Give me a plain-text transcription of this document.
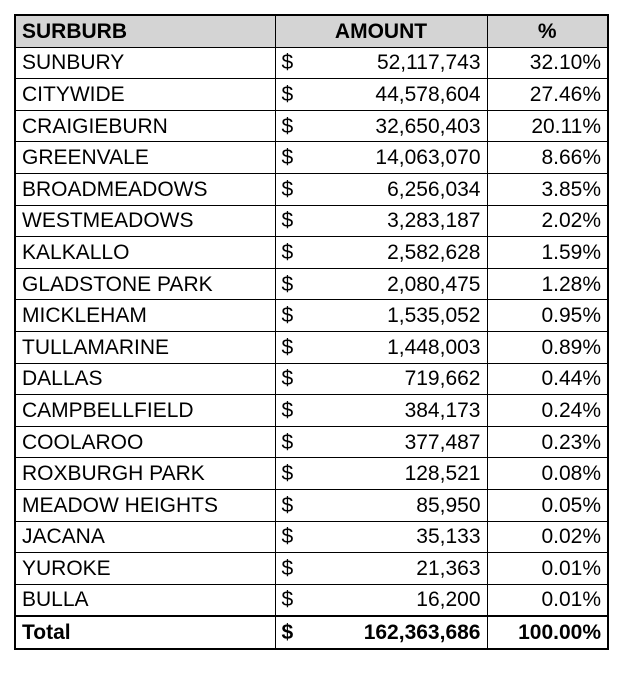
SURBURB	AMOUNT	%
SUNBURY	$ 52,117,743	32.10%
CITYWIDE	$ 44,578,604	27.46%
CRAIGIEBURN	$ 32,650,403	20.11%
GREENVALE	$ 14,063,070	8.66%
BROADMEADOWS	$ 6,256,034	3.85%
WESTMEADOWS	$ 3,283,187	2.02%
KALKALLO	$ 2,582,628	1.59%
GLADSTONE PARK	$ 2,080,475	1.28%
MICKLEHAM	$ 1,535,052	0.95%
TULLAMARINE	$ 1,448,003	0.89%
DALLAS	$ 719,662	0.44%
CAMPBELLFIELD	$ 384,173	0.24%
COOLAROO	$ 377,487	0.23%
ROXBURGH PARK	$ 128,521	0.08%
MEADOW HEIGHTS	$ 85,950	0.05%
JACANA	$ 35,133	0.02%
YUROKE	$ 21,363	0.01%
BULLA	$ 16,200	0.01%
Total	$ 162,363,686	100.00%
